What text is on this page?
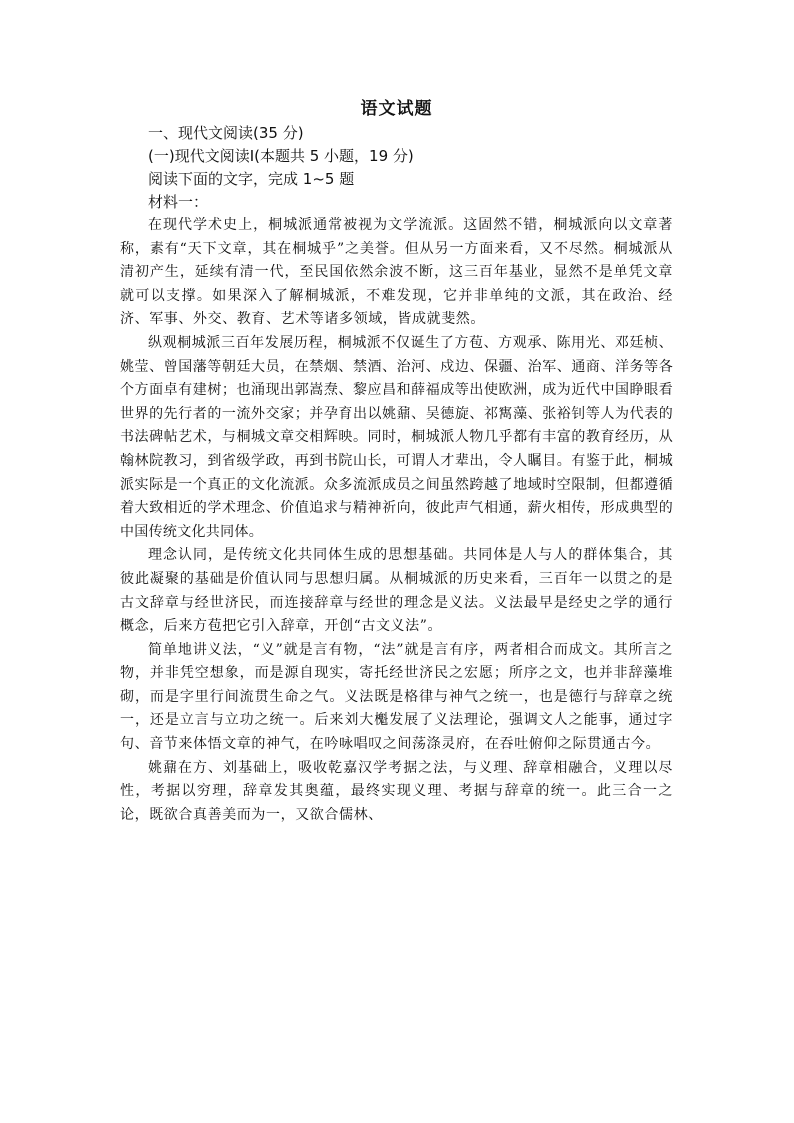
语文试题
一、现代文阅读(35 分)
(一)现代文阅读Ⅰ(本题共 5 小题，19 分)
阅读下面的文字，完成 1~5 题
材料一：

在现代学术史上，桐城派通常被视为文学流派。这固然不错，桐城派向以文章著称，素有“天下文章，其在桐城乎”之美誉。但从另一方面来看，又不尽然。桐城派从清初产生，延续有清一代，至民国依然余波不断，这三百年基业，显然不是单凭文章就可以支撑。如果深入了解桐城派，不难发现，它并非单纯的文派，其在政治、经济、军事、外交、教育、艺术等诸多领域，皆成就斐然。

纵观桐城派三百年发展历程，桐城派不仅诞生了方苞、方观承、陈用光、邓廷桢、姚莹、曾国藩等朝廷大员，在禁烟、禁酒、治河、戍边、保疆、治军、通商、洋务等各个方面卓有建树；也涌现出郭嵩焘、黎应昌和薛福成等出使欧洲，成为近代中国睁眼看世界的先行者的一流外交家；并孕育出以姚鼐、吴德旋、祁寯藻、张裕钊等人为代表的书法碑帖艺术，与桐城文章交相辉映。同时，桐城派人物几乎都有丰富的教育经历，从翰林院教习，到省级学政，再到书院山长，可谓人才辈出，令人瞩目。有鉴于此，桐城派实际是一个真正的文化流派。众多流派成员之间虽然跨越了地域时空限制，但都遵循着大致相近的学术理念、价值追求与精神祈向，彼此声气相通，薪火相传，形成典型的中国传统文化共同体。

理念认同，是传统文化共同体生成的思想基础。共同体是人与人的群体集合，其彼此凝聚的基础是价值认同与思想归属。从桐城派的历史来看，三百年一以贯之的是古文辞章与经世济民，而连接辞章与经世的理念是义法。义法最早是经史之学的通行概念，后来方苞把它引入辞章，开创“古文义法”。

简单地讲义法，“义”就是言有物，“法”就是言有序，两者相合而成文。其所言之物，并非凭空想象，而是源自现实，寄托经世济民之宏愿；所序之文，也并非辞藻堆砌，而是字里行间流贯生命之气。义法既是格律与神气之统一，也是德行与辞章之统一，还是立言与立功之统一。后来刘大櫆发展了义法理论，强调文人之能事，通过字句、音节来体悟文章的神气，在吟咏唱叹之间荡涤灵府，在吞吐俯仰之际贯通古今。

姚鼐在方、刘基础上，吸收乾嘉汉学考据之法，与义理、辞章相融合，义理以尽性，考据以穷理，辞章发其奥蕴，最终实现义理、考据与辞章的统一。此三合一之论，既欲合真善美而为一，又欲合儒林、
